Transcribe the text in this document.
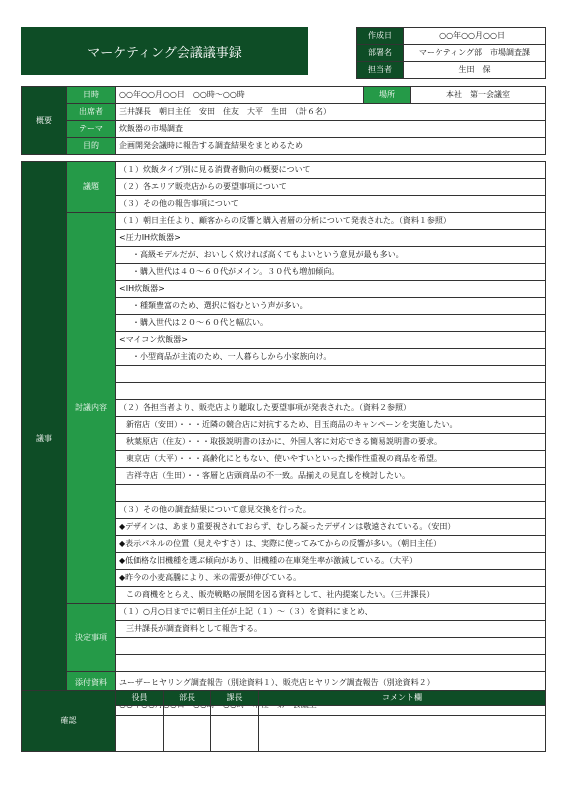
マーケティング会議議事録
作成日	○○年○○月○○日
部署名	マーケティング部　市場調査課
担当者	生田　保
概要	日時	○○年○○月○○日　○○時～○○時	場所	本社　第一会議室
	出席者	三井課長　朝日主任　安田　住友　大平　生田　（計６名）		
	テーマ	炊飯器の市場調査		
	目的	企画開発会議時に報告する調査結果をまとめるため		
議事	議題	（１）炊飯タイプ別に見る消費者動向の概要について
		（２）各エリア販売店からの要望事項について
		（３）その他の報告事項について
	討議内容	（１）朝日主任より、顧客からの反響と購入者層の分析について発表された。（資料１参照）
		<圧力IH炊飯器>
		・高級モデルだが、おいしく炊ければ高くてもよいという意見が最も多い。
		・購入世代は４０～６０代がメイン。３０代も増加傾向。
		<IH炊飯器>
		・種類豊富のため、選択に悩むという声が多い。
		・購入世代は２０～６０代と幅広い。
		<マイコン炊飯器>
		・小型商品が主流のため、一人暮らしから小家族向け。

		（２）各担当者より、販売店より聴取した要望事項が発表された。（資料２参照）
		新宿店（安田）・・・近隣の競合店に対抗するため、目玉商品のキャンペーンを実施したい。
		秋葉原店（住友）・・・取扱説明書のほかに、外国人客に対応できる簡易説明書の要求。
		東京店（大平）・・・高齢化にともない、使いやすいといった操作性重視の商品を希望。
		吉祥寺店（生田）・・客層と店頭商品の不一致。品揃えの見直しを検討したい。

		（３）その他の調査結果について意見交換を行った。
		◆デザインは、あまり重要視されておらず、むしろ凝ったデザインは敬遠されている。（安田）
		◆表示パネルの位置（見えやすさ）は、実際に使ってみてからの反響が多い。（朝日主任）
		◆低価格な旧機種を選ぶ傾向があり、旧機種の在庫発生率が激減している。（大平）
		◆昨今の小麦高騰により、米の需要が伸びている。
		この商機をとらえ、販売戦略の展開を図る資料として、社内提案したい。（三井課長）
	決定事項	（１）○月○日までに朝日主任が上記（１）～（３）を資料にまとめ、
		三井課長が調査資料として報告する。

	添付資料	ユーザーヒヤリング調査報告（別途資料１）、販売店ヒヤリング調査報告（別途資料２）

確認	役員	部長	課長	コメント欄
